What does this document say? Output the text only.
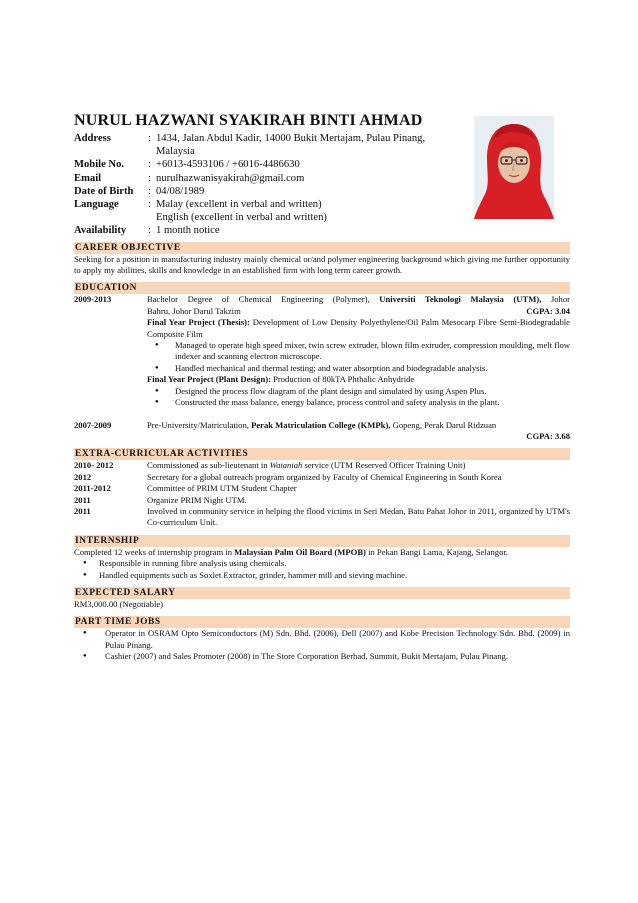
NURUL HAZWANI SYAKIRAH BINTI AHMAD
Address	: 1434, Jalan Abdul Kadir, 14000 Bukit Mertajam, Pulau Pinang,
Malaysia
Mobile No.	: +6013-4593106 / +6016-4486630
Email	: nurulhazwanisyakirah@gmail.com
Date of Birth	: 04/08/1989
Language	: Malay (excellent in verbal and written)
English (excellent in verbal and written)
Availability	: 1 month notice
CAREER OBJECTIVE
Seeking for a position in manufacturing industry mainly chemical or/and polymer engineering background which giving me further opportunity to apply my abilities, skills and knowledge in an established firm with long term career growth.
EDUCATION
2009-2013	Bachelor Degree of Chemical Engineering (Polymer), Universiti Teknologi Malaysia (UTM), Johor
Bahru, Johor Darul Takzim	CGPA: 3.04
Final Year Project (Thesis): Development of Low Density Polyethylene/Oil Palm Mesocarp Fibre Semi-Biodegradable Composite Film
● Managed to operate high speed mixer, twin screw extruder, blown film extruder, compression moulding, melt flow indexer and scanning electron microscope.
● Handled mechanical and thermal testing; and water absorption and biodegradable analysis.
Final Year Project (Plant Design): Production of 80kTA Phthalic Anhydride
● Designed the process flow diagram of the plant design and simulated by using Aspen Plus.
● Constructed the mass balance, energy balance, process control and safety analysis in the plant.
2007-2009	Pre-University/Matriculation, Perak Matriculation College (KMPk), Gopeng, Perak Darul Ridzuan
CGPA: 3.68
EXTRA-CURRICULAR ACTIVITIES
2010- 2012	Commissioned as sub-lieutenant in Wataniah service (UTM Reserved Officer Training Unit)
2012	Secretary for a global outreach program organized by Faculty of Chemical Engineering in South Korea
2011-2012	Committee of PRIM UTM Student Chapter
2011	Organize PRIM Night UTM.
2011	Involved in community service in helping the flood victims in Seri Medan, Batu Pahat Johor in 2011, organized by UTM's Co-curriculum Unit.
INTERNSHIP
Completed 12 weeks of internship program in Malaysian Palm Oil Board (MPOB) in Pekan Bangi Lama, Kajang, Selangor.
● Responsible in running fibre analysis using chemicals.
● Handled equipments such as Soxlet Extractor, grinder, hammer mill and sieving machine.
EXPECTED SALARY
RM3,000.00 (Negotiable)
PART TIME JOBS
● Operator in OSRAM Opto Semiconductors (M) Sdn. Bhd. (2006), Dell (2007) and Kobe Precision Technology Sdn. Bhd. (2009) in Pulau Pinang.
● Cashier (2007) and Sales Promoter (2008) in The Store Corporation Berhad, Summit, Bukit Mertajam, Pulau Pinang.
